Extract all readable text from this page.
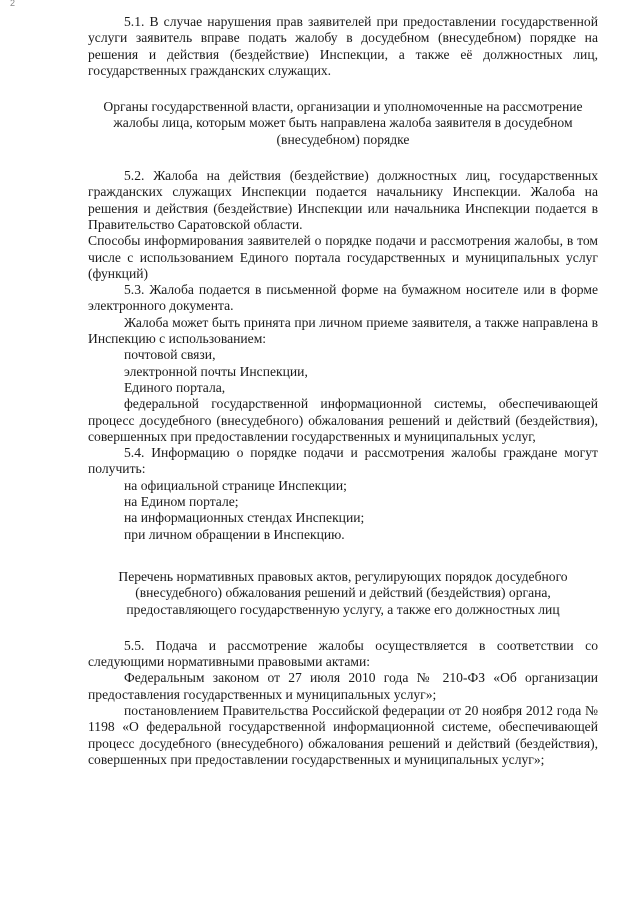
2

5.1. В случае нарушения прав заявителей при предоставлении государственной услуги заявитель вправе подать жалобу в досудебном (внесудебном) порядке на решения и действия (бездействие) Инспекции, а также её должностных лиц, государственных гражданских служащих.

Органы государственной власти, организации и уполномоченные на рассмотрение жалобы лица, которым может быть направлена жалоба заявителя в досудебном (внесудебном) порядке

5.2. Жалоба на действия (бездействие) должностных лиц, государственных гражданских служащих Инспекции подается начальнику Инспекции. Жалоба на решения и действия (бездействие) Инспекции или начальника Инспекции подается в Правительство Саратовской области.

Способы информирования заявителей о порядке подачи и рассмотрения жалобы, в том числе с использованием Единого портала государственных и муниципальных услуг (функций)

5.3. Жалоба подается в письменной форме на бумажном носителе или в форме электронного документа.

Жалоба может быть принята при личном приеме заявителя, а также направлена в Инспекцию с использованием:

почтовой связи,

электронной почты Инспекции,

Единого портала,

федеральной государственной информационной системы, обеспечивающей процесс досудебного (внесудебного) обжалования решений и действий (бездействия), совершенных при предоставлении государственных и муниципальных услуг,

5.4. Информацию о порядке подачи и рассмотрения жалобы граждане могут получить:

на официальной странице Инспекции;

на Едином портале;

на информационных стендах Инспекции;

при личном обращении в Инспекцию.

Перечень нормативных правовых актов, регулирующих порядок досудебного (внесудебного) обжалования решений и действий (бездействия) органа, предоставляющего государственную услугу, а также его должностных лиц

5.5. Подача и рассмотрение жалобы осуществляется в соответствии со следующими нормативными правовыми актами:

Федеральным законом от 27 июля 2010 года № 210-ФЗ «Об организации предоставления государственных и муниципальных услуг»;

постановлением Правительства Российской федерации от 20 ноября 2012 года № 1198 «О федеральной государственной информационной системе, обеспечивающей процесс досудебного (внесудебного) обжалования решений и действий (бездействия), совершенных при предоставлении государственных и муниципальных услуг»;
